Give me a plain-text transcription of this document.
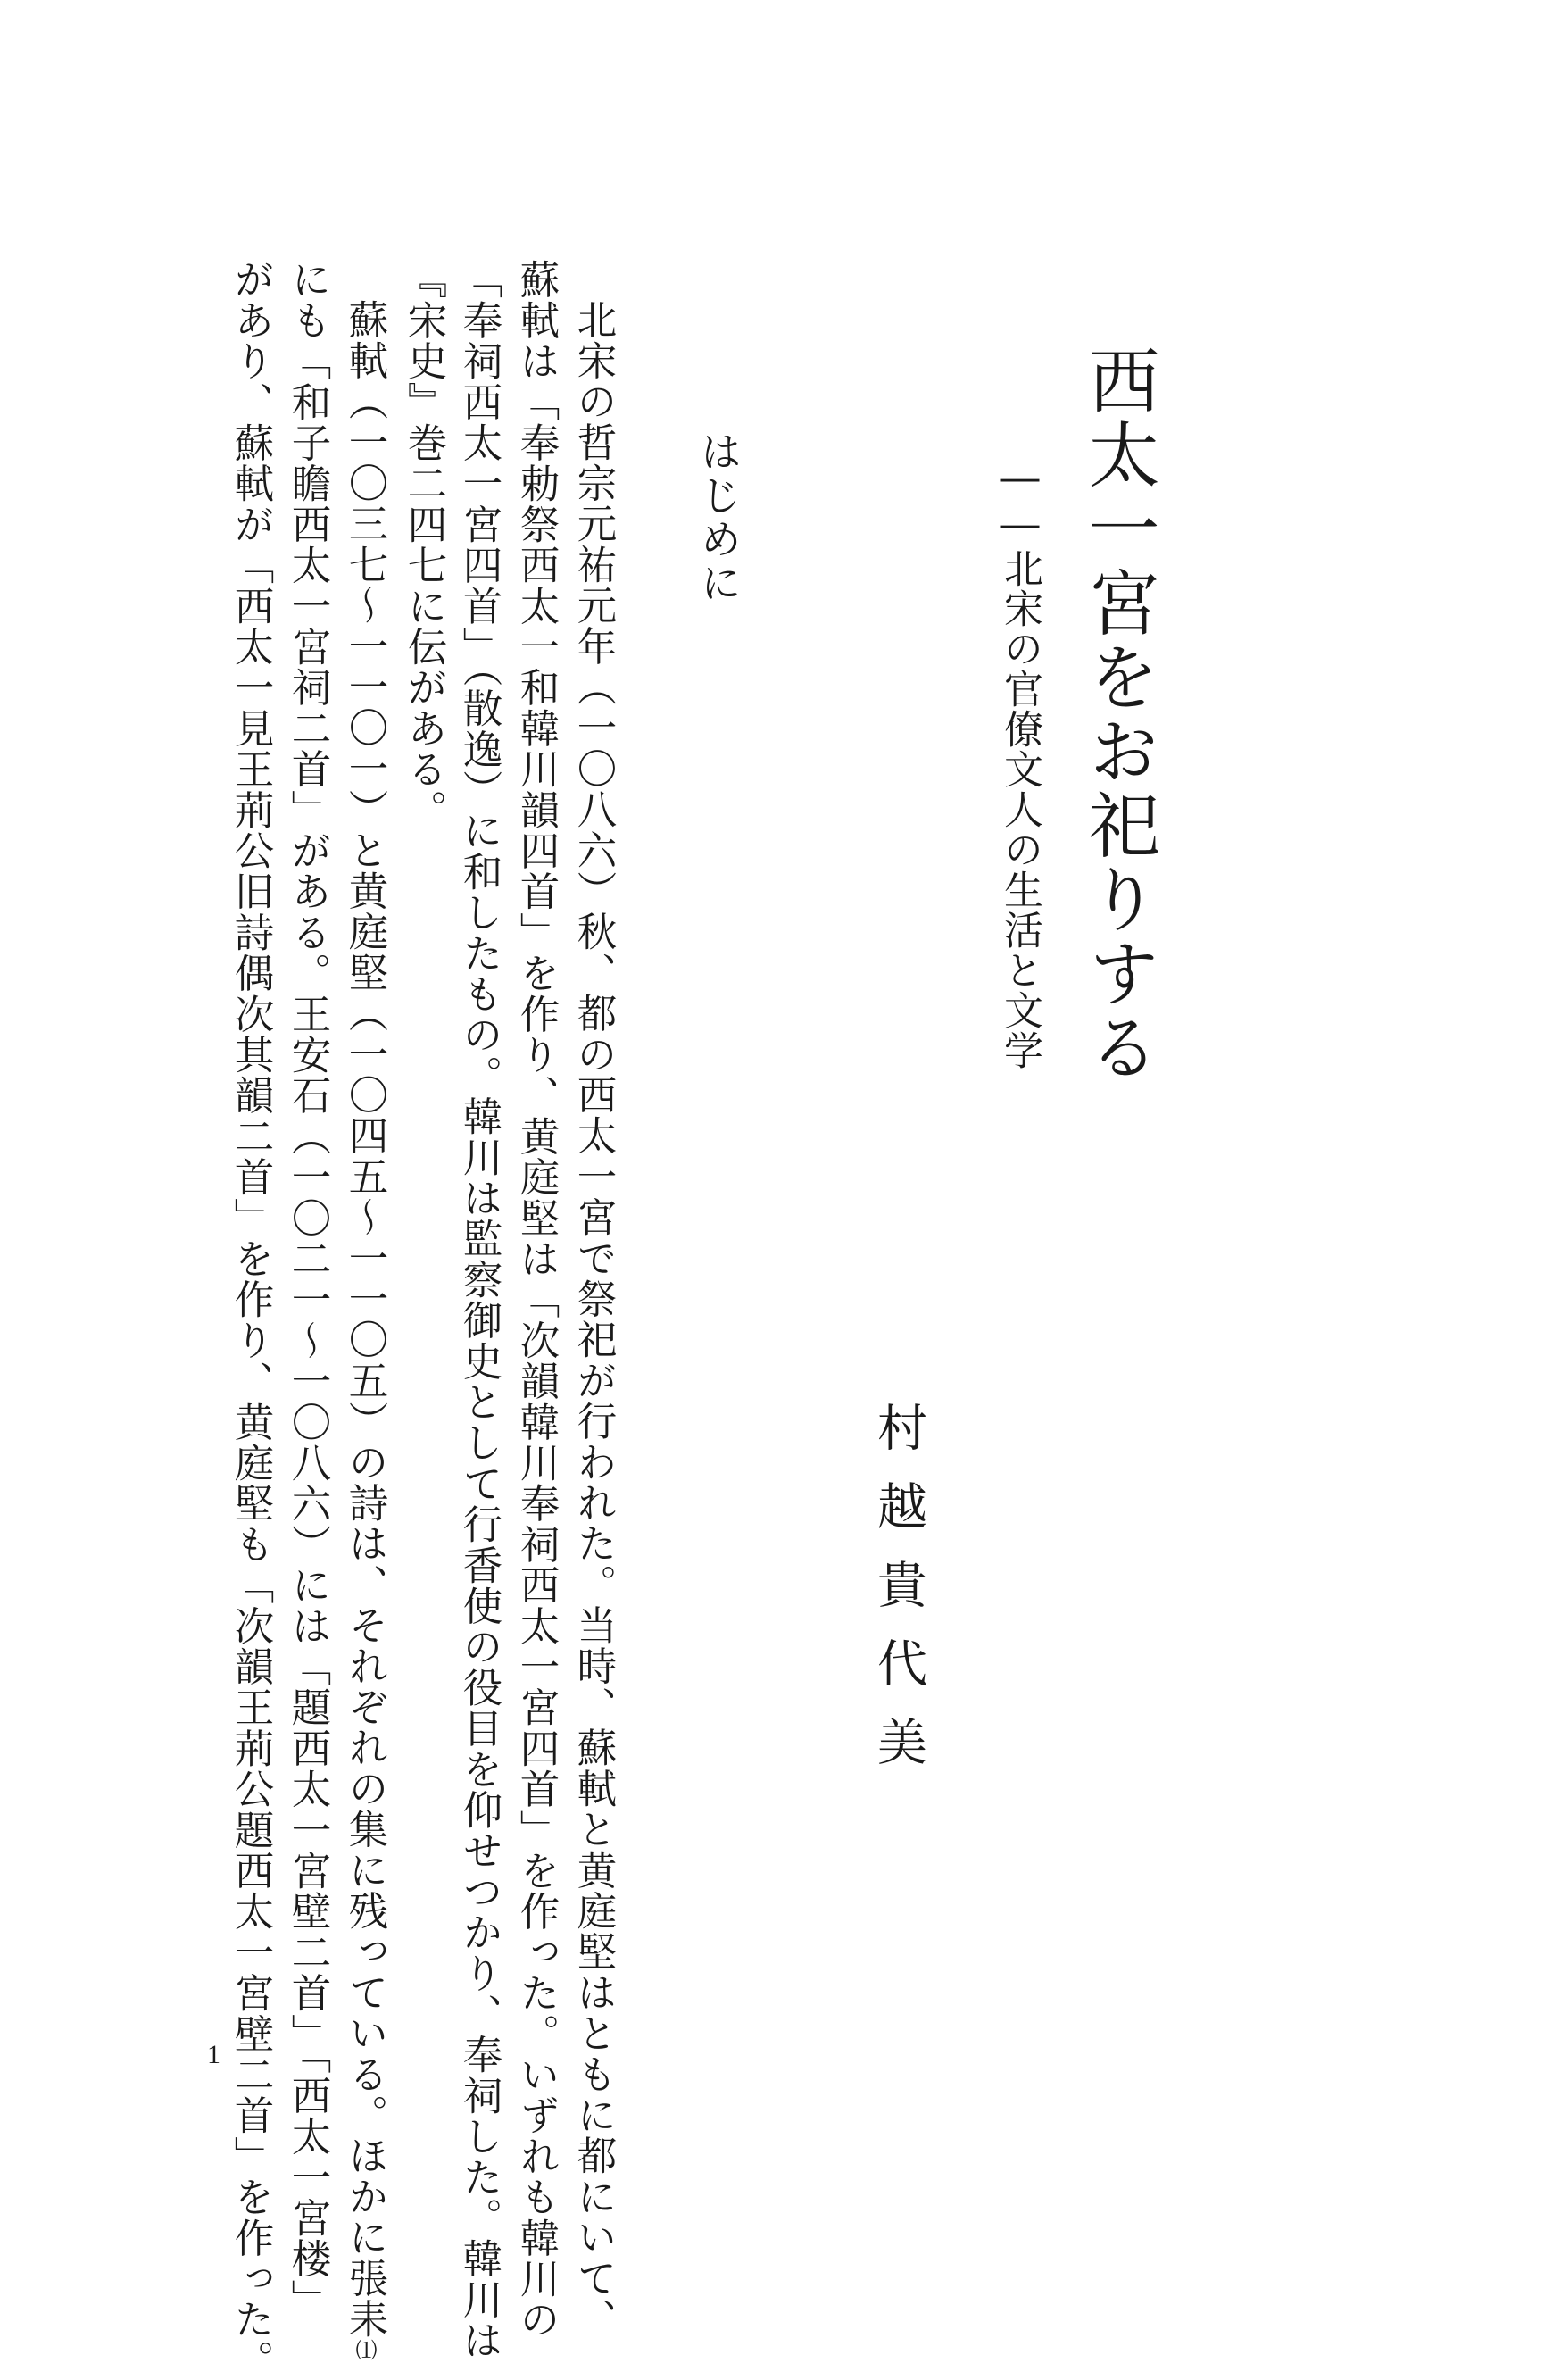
西太一宮をお祀りする
――北宋の官僚文人の生活と文学
村越貴代美
はじめに
北宋の哲宗元祐元年（一〇八六）秋、都の西太一宮で祭祀が行われた。当時、蘇軾と黄庭堅はともに都にいて、
蘇軾は「奉勅祭西太一和韓川韻四首」を作り、黄庭堅は「次韻韓川奉祠西太一宮四首」を作った。いずれも韓川の
「奉祠西太一宮四首」（散逸）に和したもの。韓川は監察御史として行香使の役目を仰せつかり、奉祠した。韓川は
『宋史』巻二四七に伝がある。
蘇軾（一〇三七～一一〇一）と黄庭堅（一〇四五～一一〇五）の詩は、それぞれの集に残っている。ほかに張耒⑴
にも「和子瞻西太一宮祠二首」がある。王安石（一〇二一～一〇八六）には「題西太一宮壁二首」「西太一宮楼」
があり、蘇軾が「西太一見王荊公旧詩偶次其韻二首」を作り、黄庭堅も「次韻王荊公題西太一宮壁二首」を作った。
1
